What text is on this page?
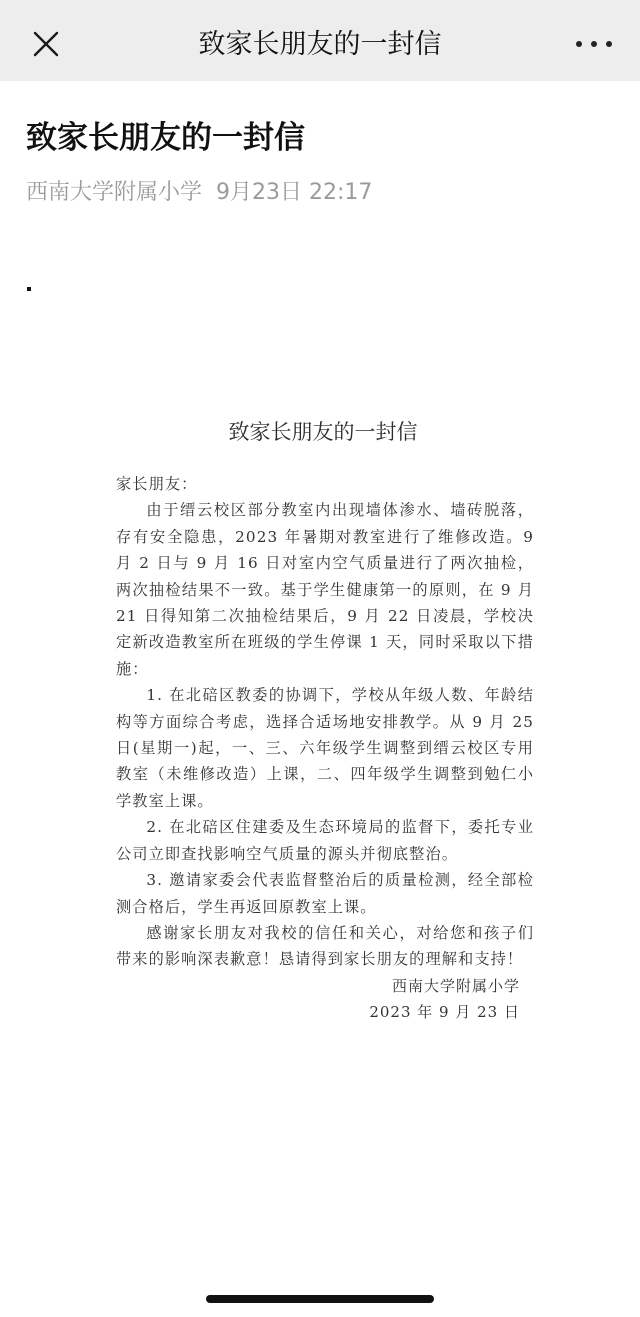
致家长朋友的一封信
致家长朋友的一封信
西南大学附属小学 9月23日 22:17
致家长朋友的一封信

家长朋友：

由于缙云校区部分教室内出现墙体渗水、墙砖脱落，存有安全隐患，2023 年暑期对教室进行了维修改造。9 月 2 日与 9 月 16 日对室内空气质量进行了两次抽检，两次抽检结果不一致。基于学生健康第一的原则，在 9 月 21 日得知第二次抽检结果后，9 月 22 日凌晨，学校决定新改造教室所在班级的学生停课 1 天，同时采取以下措施：

1. 在北碚区教委的协调下，学校从年级人数、年龄结构等方面综合考虑，选择合适场地安排教学。从 9 月 25 日(星期一)起，一、三、六年级学生调整到缙云校区专用教室（未维修改造）上课，二、四年级学生调整到勉仁小学教室上课。

2. 在北碚区住建委及生态环境局的监督下，委托专业公司立即查找影响空气质量的源头并彻底整治。

3. 邀请家委会代表监督整治后的质量检测，经全部检测合格后，学生再返回原教室上课。

感谢家长朋友对我校的信任和关心，对给您和孩子们带来的影响深表歉意！恳请得到家长朋友的理解和支持！

西南大学附属小学
2023 年 9 月 23 日
